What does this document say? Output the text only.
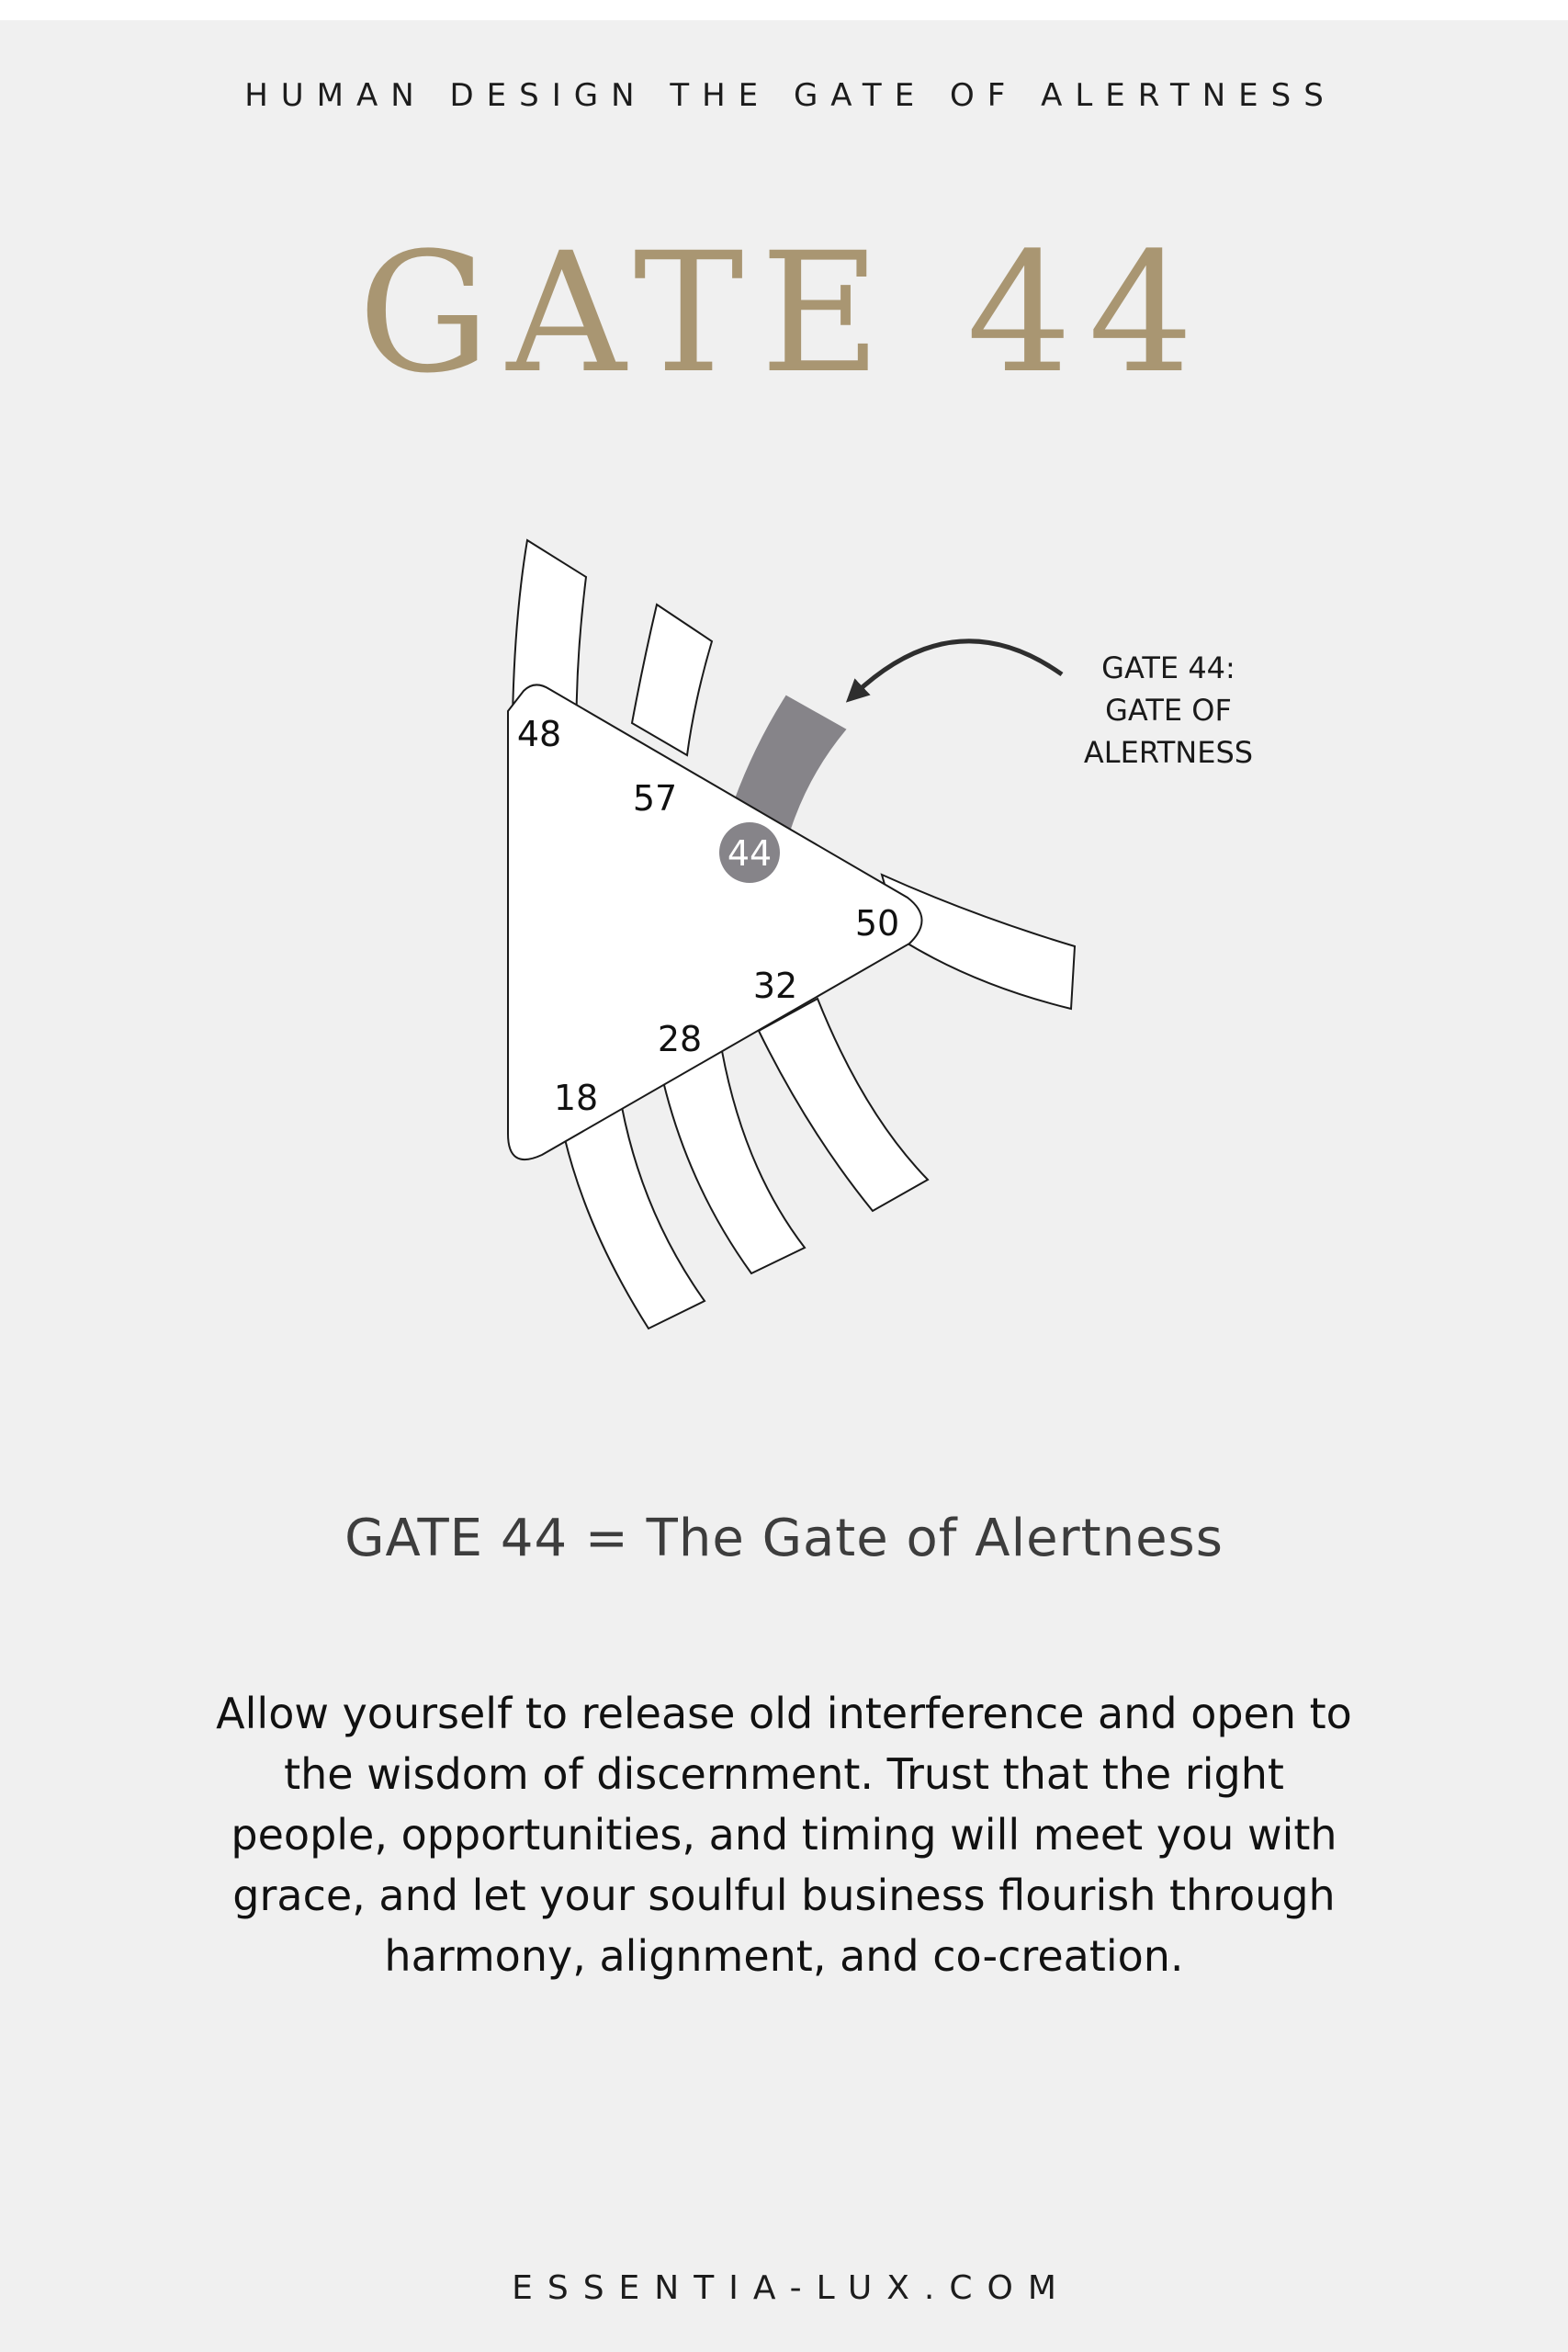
HUMAN DESIGN THE GATE OF ALERTNESS
GATE 44
48
57
44
50
32
28
18
GATE 44:
GATE OF
ALERTNESS
GATE 44 = The Gate of Alertness
Allow yourself to release old interference and open to the wisdom of discernment. Trust that the right people, opportunities, and timing will meet you with grace, and let your soulful business flourish through harmony, alignment, and co-creation.
ESSENTIA-LUX.COM
